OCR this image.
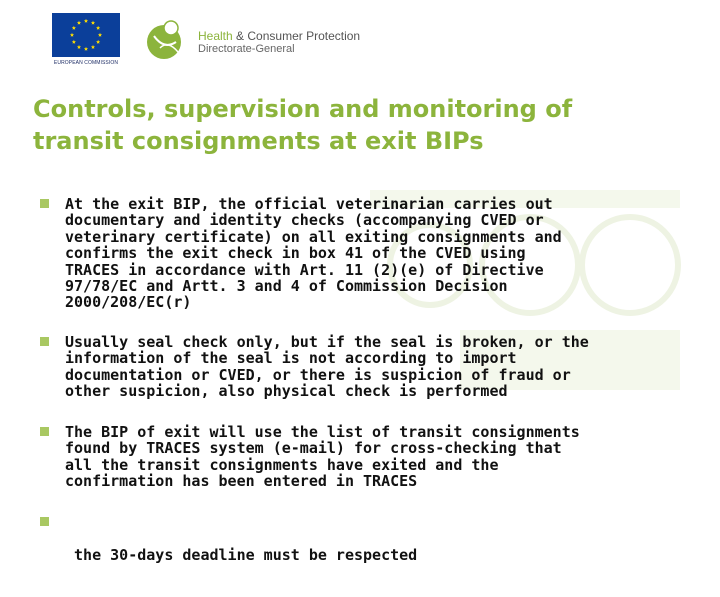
EUROPEAN COMMISSION
Health & Consumer Protection
Directorate-General
Controls, supervision and monitoring of
transit consignments at exit BIPs
At the exit BIP, the official veterinarian carries out
documentary and identity checks (accompanying CVED or
veterinary certificate) on all exiting consignments and
confirms the exit check in box 41 of the CVED using
TRACES in accordance with Art. 11 (2)(e) of Directive
97/78/EC and Artt. 3 and 4 of Commission Decision
2000/208/EC(r)
Usually seal check only, but if the seal is broken, or the
information of the seal is not according to import
documentation or CVED, or there is suspicion of fraud or
other suspicion, also physical check is performed
The BIP of exit will use the list of transit consignments
found by TRACES system (e-mail) for cross-checking that
all the transit consignments have exited and the
confirmation has been entered in TRACES

the 30-days deadline must be respected
